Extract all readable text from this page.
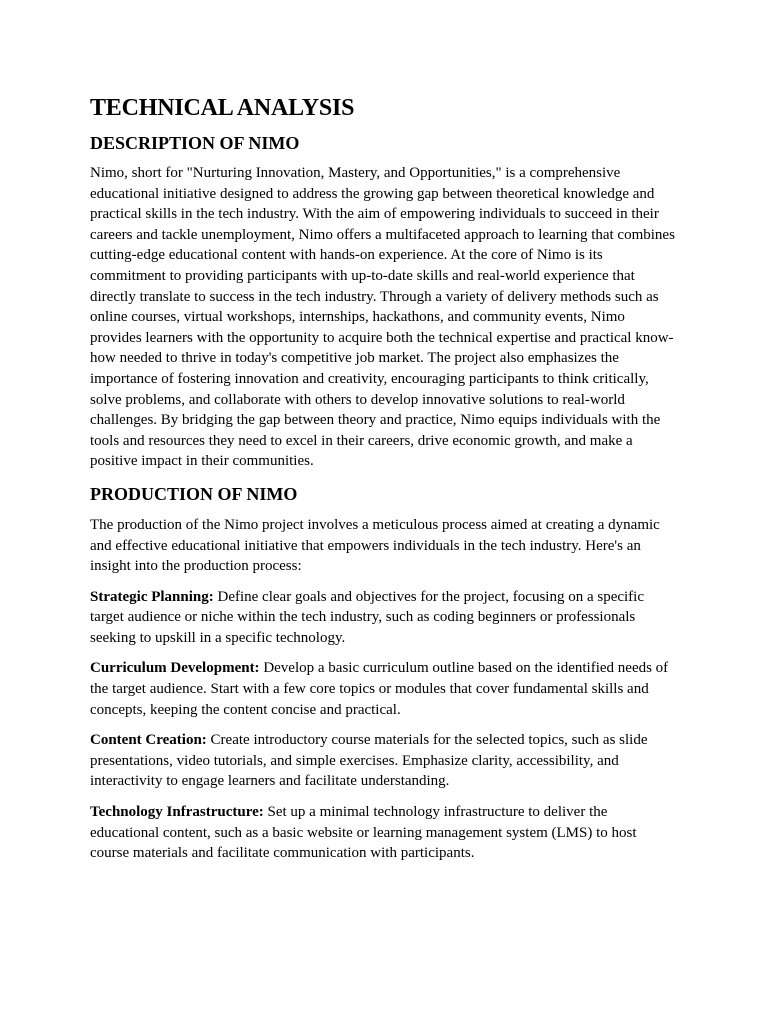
TECHNICAL ANALYSIS
DESCRIPTION OF NIMO

Nimo, short for "Nurturing Innovation, Mastery, and Opportunities," is a comprehensive educational initiative designed to address the growing gap between theoretical knowledge and practical skills in the tech industry. With the aim of empowering individuals to succeed in their careers and tackle unemployment, Nimo offers a multifaceted approach to learning that combines cutting-edge educational content with hands-on experience. At the core of Nimo is its commitment to providing participants with up-to-date skills and real-world experience that directly translate to success in the tech industry. Through a variety of delivery methods such as online courses, virtual workshops, internships, hackathons, and community events, Nimo provides learners with the opportunity to acquire both the technical expertise and practical know-how needed to thrive in today's competitive job market. The project also emphasizes the importance of fostering innovation and creativity, encouraging participants to think critically, solve problems, and collaborate with others to develop innovative solutions to real-world challenges. By bridging the gap between theory and practice, Nimo equips individuals with the tools and resources they need to excel in their careers, drive economic growth, and make a positive impact in their communities.

PRODUCTION OF NIMO

The production of the Nimo project involves a meticulous process aimed at creating a dynamic and effective educational initiative that empowers individuals in the tech industry. Here's an insight into the production process:

Strategic Planning: Define clear goals and objectives for the project, focusing on a specific target audience or niche within the tech industry, such as coding beginners or professionals seeking to upskill in a specific technology.

Curriculum Development: Develop a basic curriculum outline based on the identified needs of the target audience. Start with a few core topics or modules that cover fundamental skills and concepts, keeping the content concise and practical.

Content Creation: Create introductory course materials for the selected topics, such as slide presentations, video tutorials, and simple exercises. Emphasize clarity, accessibility, and interactivity to engage learners and facilitate understanding.

Technology Infrastructure: Set up a minimal technology infrastructure to deliver the educational content, such as a basic website or learning management system (LMS) to host course materials and facilitate communication with participants.
